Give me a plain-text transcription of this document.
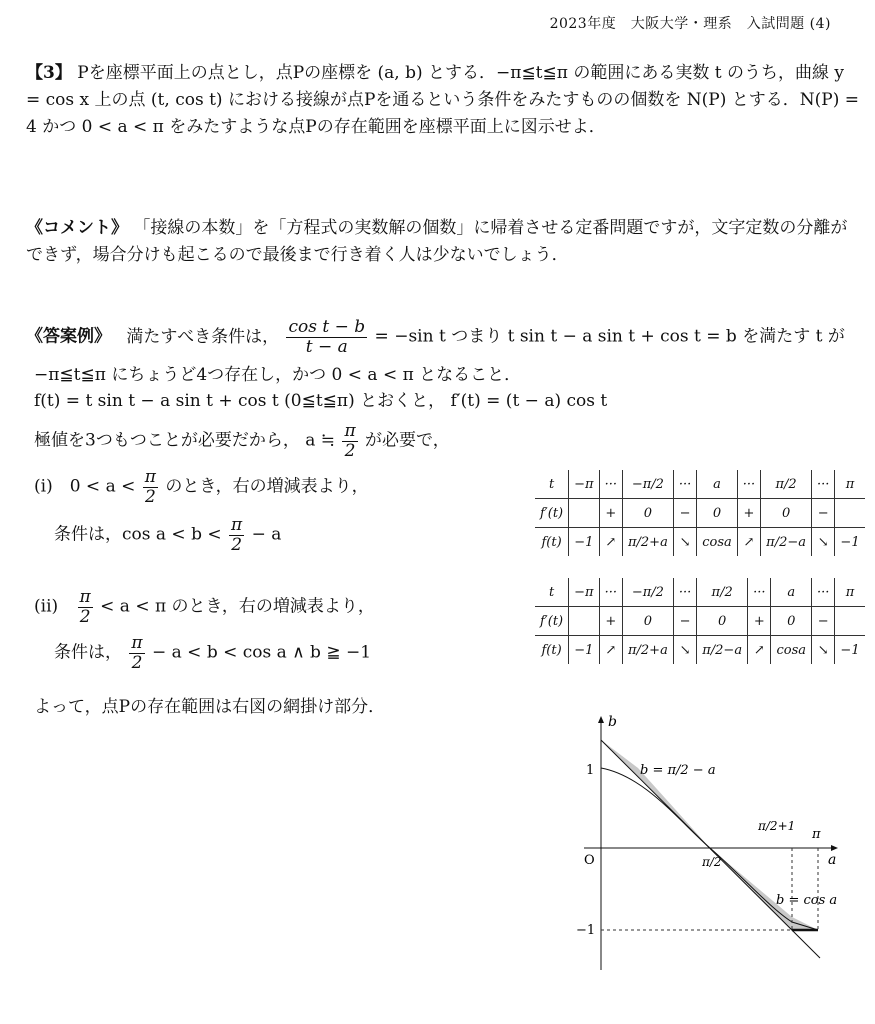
2023年度　大阪大学・理系　入試問題 (4)
【3】 Pを座標平面上の点とし，点Pの座標を (a, b) とする．−π≦t≦π の範囲にある実数 t のうち，曲線 y = cos x 上の点 (t, cos t) における接線が点Pを通るという条件をみたすものの個数を N(P) とする．N(P) = 4 かつ 0 < a < π をみたすような点Pの存在範囲を座標平面上に図示せよ．
《コメント》 「接線の本数」を「方程式の実数解の個数」に帰着させる定番問題ですが，文字定数の分離ができず，場合分けも起こるので最後まで行き着く人は少ないでしょう．
《答案例》 満たすべき条件は， $\frac{\text{cos t − b}}{t - a} = -\sin$ t つまり t sin t − a sin t + cos t = b を満たす t が
−π≦t≦π にちょうど4つ存在し，かつ 0 < a < π となること．
f(t) = t sin t − a sin t + cos t (0≦t≦π) とおくと， f′(t) = (t − a) cos t
極値を3つもつことが必要だから， a ≒ $\frac{\pi}{2}$ が必要で，
(i)　$0 < a < \frac{\pi}{2}$ のとき，右の増減表より，
条件は，$\cos a < b < \frac{\pi}{2} - a$
$(ii) \frac{\pi}{2} < a < \pi$ のとき，右の増減表より，
条件は， $\frac{\pi}{2} - a < b < \cos a$ ∧ b ≧ −1
よって，点Pの存在範囲は右図の網掛け部分．
t	−π	···	−π/2	···	a	···	π/2	···	π
f′(t)		+	0	−	0	+	0	−	
f(t)	−1	↗	π/2+a	↘	cosa	↗	π/2−a	↘	−1
t	−π	···	−π/2	···	π/2	···	a	···	π
f′(t)		+	0	−	0	+	0	−	
f(t)	−1	↗	π/2+a	↘	π/2−a	↗	cosa	↘	−1
b
a
O
1
−1
π/2
π/2+1
π
b = π/2 − a
b = cos a
